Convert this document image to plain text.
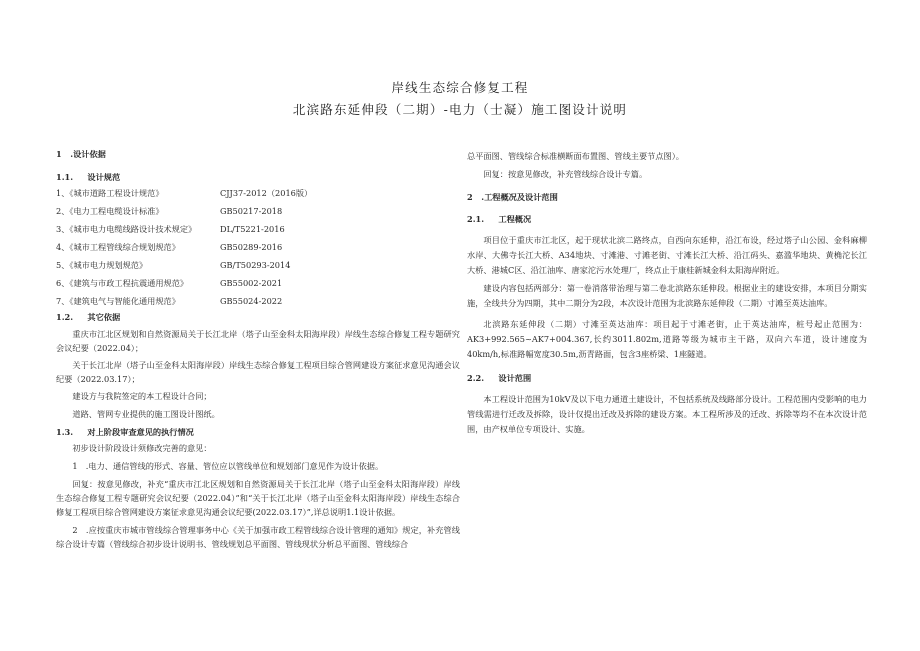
岸线生态综合修复工程
北滨路东延伸段（二期）-电力（士凝）施工图设计说明

1 .设计依据

1.1. 设计规范

1、《城市道路工程设计规范》	CJJ37-2012（2016版）
2、《电力工程电缆设计标准》	GB50217-2018
3、《城市电力电缆线路设计技术规定》	DL/T5221-2016
4、《城市工程管线综合规划规范》	GB50289-2016
5、《城市电力规划规范》	GB/T50293-2014
6、《建筑与市政工程抗震通用规范》	GB55002-2021
7、《建筑电气与智能化通用规范》	GB55024-2022

1.2. 其它依据

重庆市江北区规划和自然资源局关于长江北岸（塔子山至金科太阳海岸段）岸线生态综合修复工程专题研究会议纪要（2022.04）；

关于长江北岸（塔子山至金科太阳海岸段）岸线生态综合修复工程项目综合管网建设方案征求意见沟通会议纪要（2022.03.17）；

建设方与我院签定的本工程设计合同；

道路、管网专业提供的施工图设计图纸。

1.3. 对上阶段审查意见的执行情况

初步设计阶段设计须修改完善的意见：

1　.电力、通信管线的形式、容量、管位应以管线单位和规划部门意见作为设计依据。

回复：按意见修改，补充“重庆市江北区规划和自然资源局关于长江北岸（塔子山至金科太阳海岸段）岸线生态综合修复工程专题研究会议纪要（2022.04）”和“关于长江北岸（塔子山至金科太阳海岸段）岸线生态综合修复工程项目综合管网建设方案征求意见沟通会议纪要(2022.03.17）”,详总说明1.1设计依据。

2　.应按重庆市城市管线综合管理事务中心《关于加强市政工程管线综合设计管理的通知》规定，补充管线综合设计专篇（管线综合初步设计说明书、管线规划总平面图、管线现状分析总平面图、管线综合

总平面图、管线综合标准横断面布置图、管线主要节点图）。

回复：按意见修改，补充管线综合设计专篇。

2 .工程概况及设计范围

2.1. 工程概况

项目位于重庆市江北区，起于现状北滨二路终点，自西向东延伸，沿江布设，经过塔子山公园、金科麻柳水岸、大佛寺长江大桥、A34地块、寸滩港、寸滩老街、寸滩长江大桥、沿江码头、嘉滥华地块、黄桷沱长江大桥、港城C区、沿江油库、唐家沱污水处理厂，终点止于康桂新城金科太阳海岸附近。

建设内容包括两部分：第一卷消落带治理与第二卷北滨路东延伸段。根据业主的建设安排，本项目分期实施，全线共分为四期，其中二期分为2段，本次设计范围为北滨路东延伸段（二期）寸滩至英达油库。

北滨路东延伸段（二期）寸滩至英达油库：项目起于寸滩老街，止于英达油库，桩号起止范围为：AK3+992.565~AK7+004.367,长约3011.802m,道路等级为城市主干路，双向六车道，设计速度为40km/h,标准路幅宽度30.5m,沥青路面，包含3座桥梁、1座隧道。

2.2. 设计范围

本工程设计范围为10kV及以下电力通道土建设计，不包括系统及线路部分设计。工程范围内受影响的电力管线需进行迁改及拆除，设计仅提出迁改及拆除的建设方案。本工程所涉及的迁改、拆除等均不在本次设计范围，由产权单位专项设计、实施。
